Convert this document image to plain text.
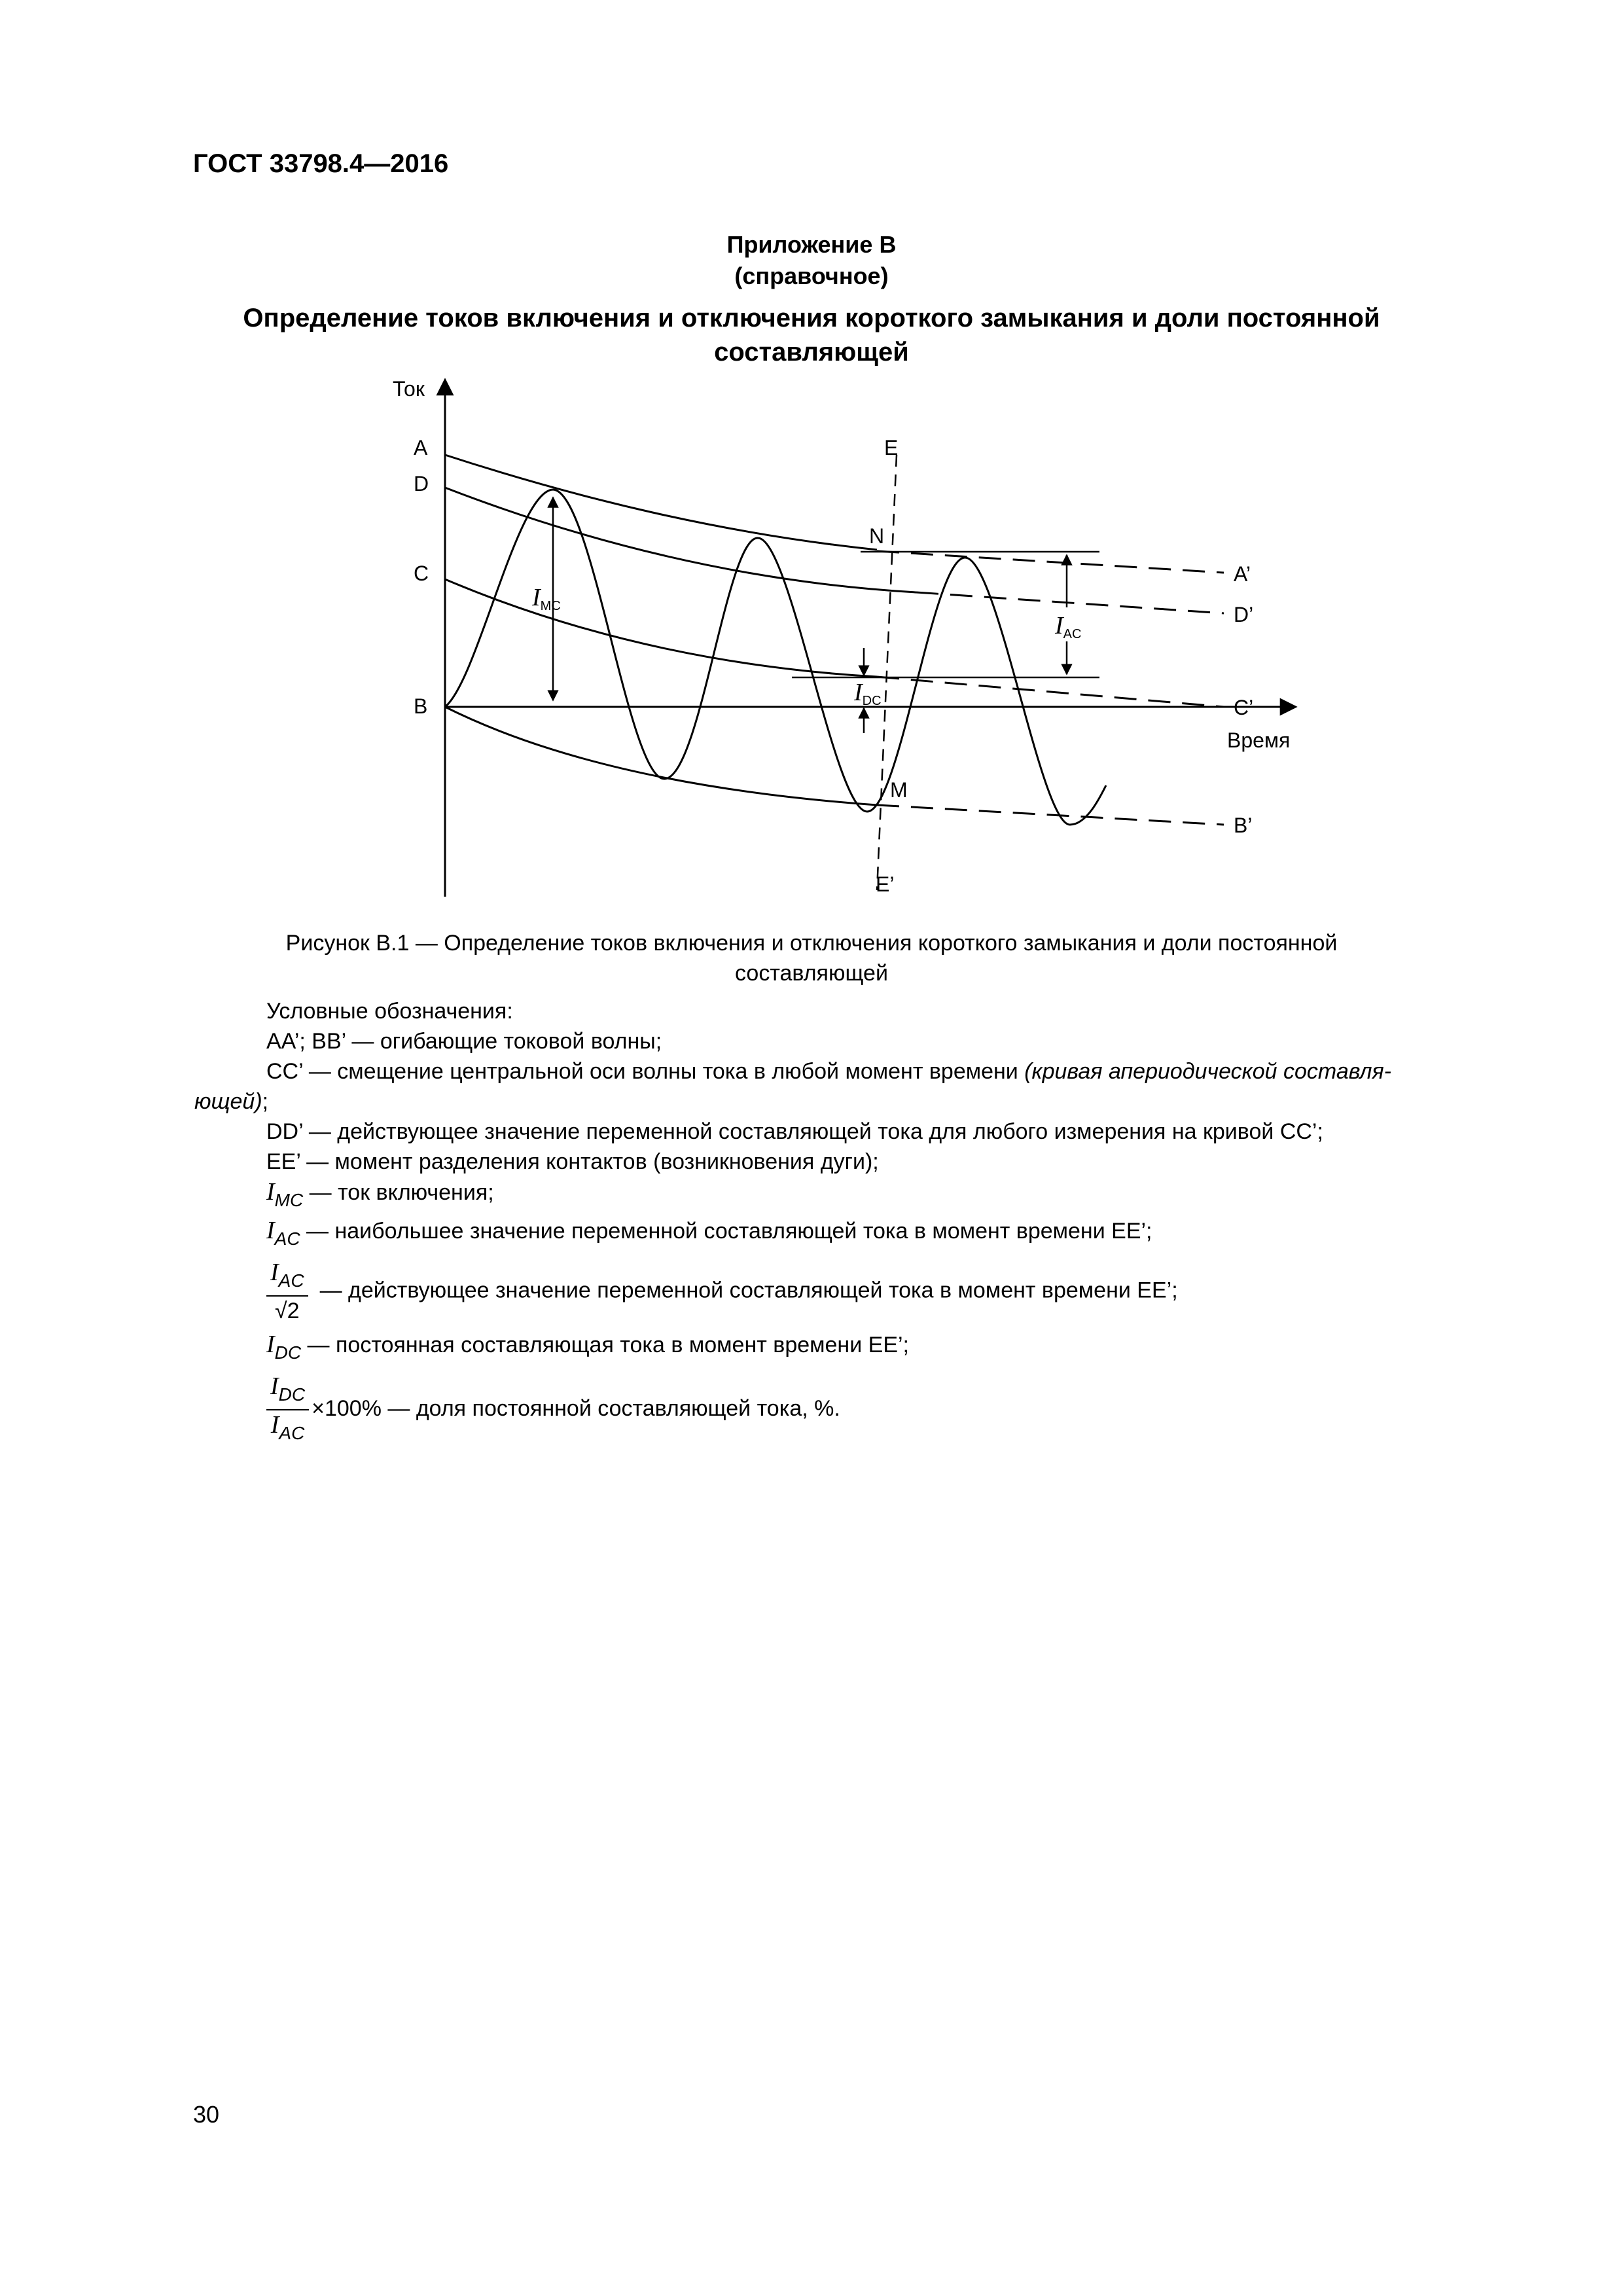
ГОСТ 33798.4—2016
Приложение В
(справочное)
Определение токов включения и отключения короткого замыкания и доли постоянной
составляющей
Ток
Время
A
D
C
B
E
E’
N
M
A’
D’
C’
B’
IMC
IAC
IDC
Рисунок В.1 — Определение токов включения и отключения короткого замыкания и доли постоянной
составляющей
Условные обозначения:
AA’; BB’ — огибающие токовой волны;
CC’ — смещение центральной оси волны тока в любой момент времени (кривая апериодической составля-
ющей);
DD’ — действующее значение переменной составляющей тока для любого измерения на кривой CC’;
EE’ — момент разделения контактов (возникновения дуги);
$I_{MC}$ — ток включения;
$I_{AC}$ — наибольшее значение переменной составляющей тока в момент времени EE’;
$\frac{I_{AC}}{√2}$ — действующее значение переменной составляющей тока в момент времени EE’;
$I_{DC}$ — постоянная составляющая тока в момент времени EE’;
$\frac{I_{DC}}{I_{AC}} \times 100\%$ — доля постоянной составляющей тока, %.
30
